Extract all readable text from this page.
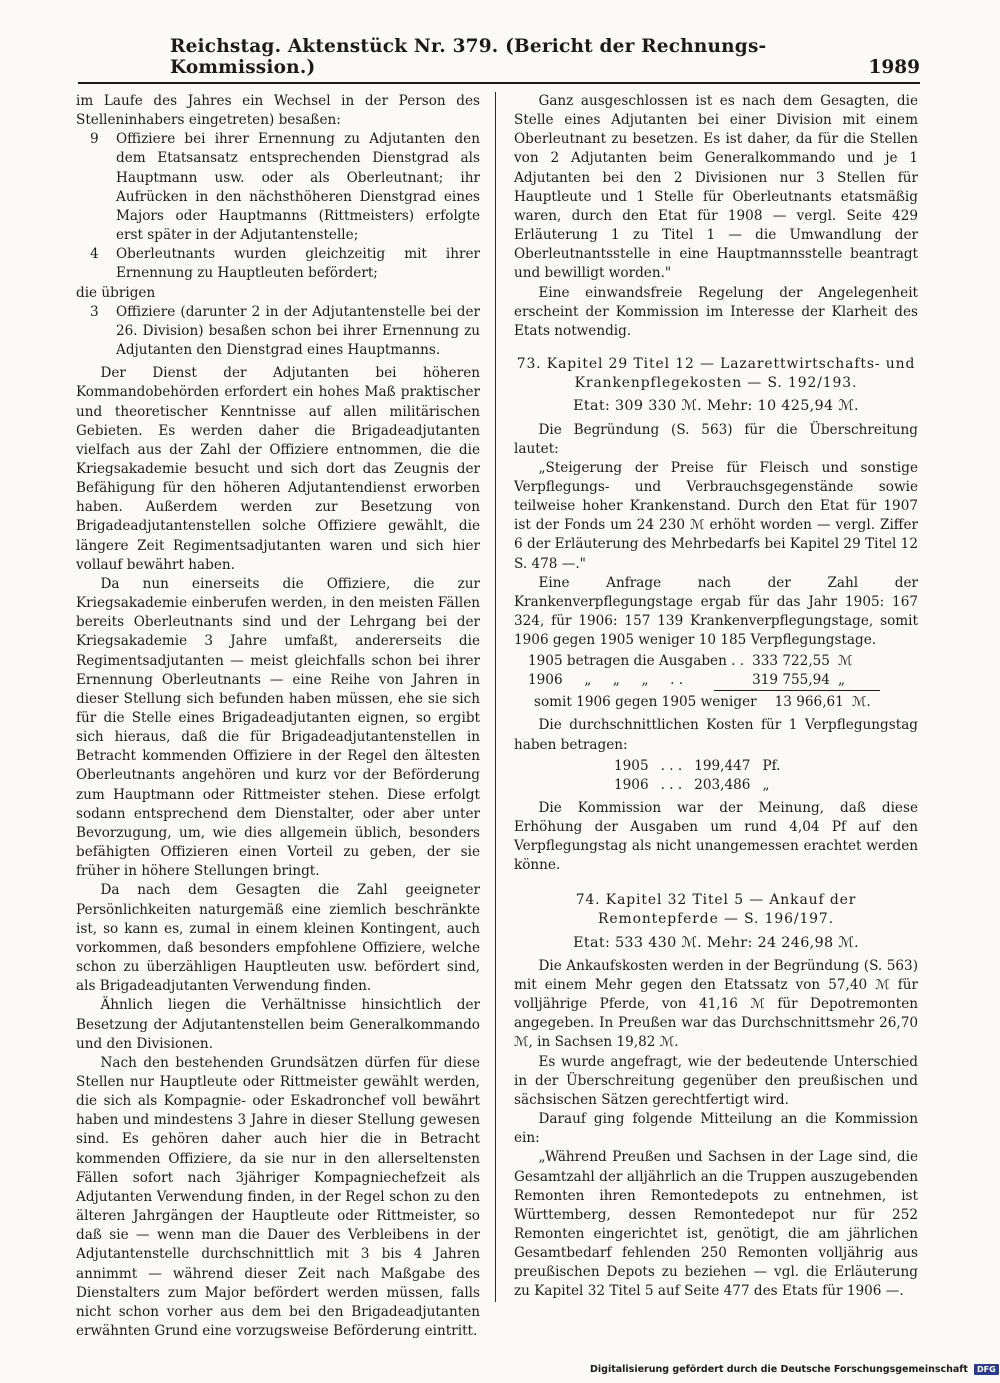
Reichstag. Aktenstück Nr. 379. (Bericht der Rechnungs-Kommission.)	1989

im Laufe des Jahres ein Wechsel in der Person des Stelleninhabers eingetreten) besaßen:

9	Offiziere bei ihrer Ernennung zu Adjutanten den dem Etatsansatz entsprechenden Dienstgrad als Hauptmann usw. oder als Oberleutnant; ihr Aufrücken in den nächsthöheren Dienstgrad eines Majors oder Hauptmanns (Rittmeisters) erfolgte erst später in der Adjutantenstelle;
4	Oberleutnants wurden gleichzeitig mit ihrer Ernennung zu Hauptleuten befördert;

die übrigen

3	Offiziere (darunter 2 in der Adjutantenstelle bei der 26. Division) besaßen schon bei ihrer Ernennung zu Adjutanten den Dienstgrad eines Hauptmanns.

Der Dienst der Adjutanten bei höheren Kommandobehörden erfordert ein hohes Maß praktischer und theoretischer Kenntnisse auf allen militärischen Gebieten. Es werden daher die Brigadeadjutanten vielfach aus der Zahl der Offiziere entnommen, die die Kriegsakademie besucht und sich dort das Zeugnis der Befähigung für den höheren Adjutantendienst erworben haben. Außerdem werden zur Besetzung von Brigadeadjutantenstellen solche Offiziere gewählt, die längere Zeit Regimentsadjutanten waren und sich hier vollauf bewährt haben.

Da nun einerseits die Offiziere, die zur Kriegsakademie einberufen werden, in den meisten Fällen bereits Oberleutnants sind und der Lehrgang bei der Kriegsakademie 3 Jahre umfaßt, andererseits die Regimentsadjutanten — meist gleichfalls schon bei ihrer Ernennung Oberleutnants — eine Reihe von Jahren in dieser Stellung sich befunden haben müssen, ehe sie sich für die Stelle eines Brigadeadjutanten eignen, so ergibt sich hieraus, daß die für Brigadeadjutantenstellen in Betracht kommenden Offiziere in der Regel den ältesten Oberleutnants angehören und kurz vor der Beförderung zum Hauptmann oder Rittmeister stehen. Diese erfolgt sodann entsprechend dem Dienstalter, oder aber unter Bevorzugung, um, wie dies allgemein üblich, besonders befähigten Offizieren einen Vorteil zu geben, der sie früher in höhere Stellungen bringt.

Da nach dem Gesagten die Zahl geeigneter Persönlichkeiten naturgemäß eine ziemlich beschränkte ist, so kann es, zumal in einem kleinen Kontingent, auch vorkommen, daß besonders empfohlene Offiziere, welche schon zu überzähligen Hauptleuten usw. befördert sind, als Brigadeadjutanten Verwendung finden.

Ähnlich liegen die Verhältnisse hinsichtlich der Besetzung der Adjutantenstellen beim Generalkommando und den Divisionen.

Nach den bestehenden Grundsätzen dürfen für diese Stellen nur Hauptleute oder Rittmeister gewählt werden, die sich als Kompagnie- oder Eskadronchef voll bewährt haben und mindestens 3 Jahre in dieser Stellung gewesen sind. Es gehören daher auch hier die in Betracht kommenden Offiziere, da sie nur in den allerseltensten Fällen sofort nach 3jähriger Kompagniechefzeit als Adjutanten Verwendung finden, in der Regel schon zu den älteren Jahrgängen der Hauptleute oder Rittmeister, so daß sie — wenn man die Dauer des Verbleibens in der Adjutantenstelle durchschnittlich mit 3 bis 4 Jahren annimmt — während dieser Zeit nach Maßgabe des Dienstalters zum Major befördert werden müssen, falls nicht schon vorher aus dem bei den Brigadeadjutanten erwähnten Grund eine vorzugsweise Beförderung eintritt.

Ganz ausgeschlossen ist es nach dem Gesagten, die Stelle eines Adjutanten bei einer Division mit einem Oberleutnant zu besetzen. Es ist daher, da für die Stellen von 2 Adjutanten beim Generalkommando und je 1 Adjutanten bei den 2 Divisionen nur 3 Stellen für Hauptleute und 1 Stelle für Oberleutnants etatsmäßig waren, durch den Etat für 1908 — vergl. Seite 429 Erläuterung 1 zu Titel 1 — die Umwandlung der Oberleutnantsstelle in eine Hauptmannsstelle beantragt und bewilligt worden."

Eine einwandsfreie Regelung der Angelegenheit erscheint der Kommission im Interesse der Klarheit des Etats notwendig.

73. Kapitel 29 Titel 12 — Lazarettwirtschafts- und Krankenpflegekosten — S. 192/193.
Etat: 309 330 ℳ. Mehr: 10 425,94 ℳ.

Die Begründung (S. 563) für die Überschreitung lautet:

„Steigerung der Preise für Fleisch und sonstige Verpflegungs- und Verbrauchsgegenstände sowie teilweise hoher Krankenstand. Durch den Etat für 1907 ist der Fonds um 24 230 ℳ erhöht worden — vergl. Ziffer 6 der Erläuterung des Mehrbedarfs bei Kapitel 29 Titel 12 S. 478 —."

Eine Anfrage nach der Zahl der Krankenverpflegungstage ergab für das Jahr 1905: 167 324, für 1906: 157 139 Krankenverpflegungstage, somit 1906 gegen 1905 weniger 10 185 Verpflegungstage.

1905 betragen die Ausgaben . .	333 722,55	ℳ
1906     „     „     „     . .	319 755,94	„
somit 1906 gegen 1905 weniger	13 966,61	ℳ.

Die durchschnittlichen Kosten für 1 Verpflegungstag haben betragen:

1905	. . .	199,447	Pf.
1906	. . .	203,486	„

Die Kommission war der Meinung, daß diese Erhöhung der Ausgaben um rund 4,04 Pf auf den Verpflegungstag als nicht unangemessen erachtet werden könne.

74. Kapitel 32 Titel 5 — Ankauf der Remontepferde — S. 196/197.
Etat: 533 430 ℳ. Mehr: 24 246,98 ℳ.

Die Ankaufskosten werden in der Begründung (S. 563) mit einem Mehr gegen den Etatssatz von 57,40 ℳ für volljährige Pferde, von 41,16 ℳ für Depotremonten angegeben. In Preußen war das Durchschnittsmehr 26,70 ℳ, in Sachsen 19,82 ℳ.

Es wurde angefragt, wie der bedeutende Unterschied in der Überschreitung gegenüber den preußischen und sächsischen Sätzen gerechtfertigt wird.

Darauf ging folgende Mitteilung an die Kommission ein:

„Während Preußen und Sachsen in der Lage sind, die Gesamtzahl der alljährlich an die Truppen auszugebenden Remonten ihren Remontedepots zu entnehmen, ist Württemberg, dessen Remontedepot nur für 252 Remonten eingerichtet ist, genötigt, die am jährlichen Gesamtbedarf fehlenden 250 Remonten volljährig aus preußischen Depots zu beziehen — vgl. die Erläuterung zu Kapitel 32 Titel 5 auf Seite 477 des Etats für 1906 —.

Digitalisierung gefördert durch die Deutsche Forschungsgemeinschaft	DFG
